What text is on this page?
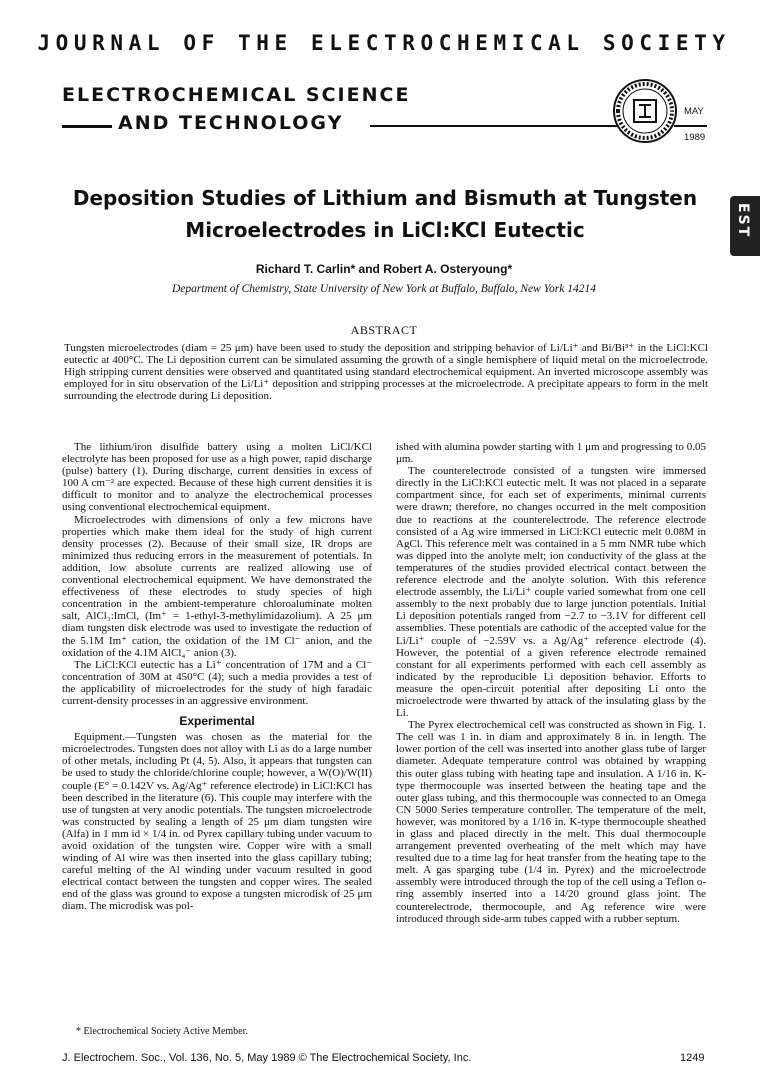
JOURNAL OF THE ELECTROCHEMICAL SOCIETY
ELECTROCHEMICAL SCIENCE
AND TECHNOLOGY
MAY
1989
EST
Deposition Studies of Lithium and Bismuth at Tungsten Microelectrodes in LiCl:KCl Eutectic
Richard T. Carlin* and Robert A. Osteryoung*
Department of Chemistry, State University of New York at Buffalo, Buffalo, New York 14214
ABSTRACT
Tungsten microelectrodes (diam = 25 μm) have been used to study the deposition and stripping behavior of Li/Li⁺ and Bi/Bi³⁺ in the LiCl:KCl eutectic at 400°C. The Li deposition current can be simulated assuming the growth of a single hemisphere of liquid metal on the microelectrode. High stripping current densities were observed and quantitated using standard electrochemical equipment. An inverted microscope assembly was employed for in situ observation of the Li/Li⁺ deposition and stripping processes at the microelectrode. A precipitate appears to form in the melt surrounding the electrode during Li deposition.

The lithium/iron disulfide battery using a molten LiCl/KCl electrolyte has been proposed for use as a high power, rapid discharge (pulse) battery (1). During discharge, current densities in excess of 100 A cm⁻² are expected. Because of these high current densities it is difficult to monitor and to analyze the electrochemical processes using conventional electrochemical equipment.

Microelectrodes with dimensions of only a few microns have properties which make them ideal for the study of high current density processes (2). Because of their small size, IR drops are minimized thus reducing errors in the measurement of potentials. In addition, low absolute currents are realized allowing use of conventional electrochemical equipment. We have demonstrated the effectiveness of these electrodes to study species of high concentration in the ambient-temperature chloroaluminate molten salt, AlCl₃:ImCl, (Im⁺ = 1-ethyl-3-methylimidazolium). A 25 μm diam tungsten disk electrode was used to investigate the reduction of the 5.1M Im⁺ cation, the oxidation of the 1M Cl⁻ anion, and the oxidation of the 4.1M AlCl₄⁻ anion (3).

The LiCl:KCl eutectic has a Li⁺ concentration of 17M and a Cl⁻ concentration of 30M at 450°C (4); such a media provides a test of the applicability of microelectrodes for the study of high faradaic current-density processes in an aggressive environment.

Experimental

Equipment.—Tungsten was chosen as the material for the microelectrodes. Tungsten does not alloy with Li as do a large number of other metals, including Pt (4, 5). Also, it appears that tungsten can be used to study the chloride/chlorine couple; however, a W(O)/W(II) couple (E° = 0.142V vs. Ag/Ag⁺ reference electrode) in LiCl:KCl has been described in the literature (6). This couple may interfere with the use of tungsten at very anodic potentials. The tungsten microelectrode was constructed by sealing a length of 25 μm diam tungsten wire (Alfa) in 1 mm id × 1/4 in. od Pyrex capillary tubing under vacuum to avoid oxidation of the tungsten wire. Copper wire with a small winding of Al wire was then inserted into the glass capillary tubing; careful melting of the Al winding under vacuum resulted in good electrical contact between the tungsten and copper wires. The sealed end of the glass was ground to expose a tungsten microdisk of 25 μm diam. The microdisk was pol-

ished with alumina powder starting with 1 μm and progressing to 0.05 μm.

The counterelectrode consisted of a tungsten wire immersed directly in the LiCl:KCl eutectic melt. It was not placed in a separate compartment since, for each set of experiments, minimal currents were drawn; therefore, no changes occurred in the melt composition due to reactions at the counterelectrode. The reference electrode consisted of a Ag wire immersed in LiCl:KCl eutectic melt 0.08M in AgCl. This reference melt was contained in a 5 mm NMR tube which was dipped into the anolyte melt; ion conductivity of the glass at the temperatures of the studies provided electrical contact between the reference electrode and the anolyte solution. With this reference electrode assembly, the Li/Li⁺ couple varied somewhat from one cell assembly to the next probably due to large junction potentials. Initial Li deposition potentials ranged from −2.7 to −3.1V for different cell assemblies. These potentials are cathodic of the accepted value for the Li/Li⁺ couple of −2.59V vs. a Ag/Ag⁺ reference electrode (4). However, the potential of a given reference electrode remained constant for all experiments performed with each cell assembly as indicated by the reproducible Li deposition behavior. Efforts to measure the open-circuit potential after depositing Li onto the microelectrode were thwarted by attack of the insulating glass by the Li.

The Pyrex electrochemical cell was constructed as shown in Fig. 1. The cell was 1 in. in diam and approximately 8 in. in length. The lower portion of the cell was inserted into another glass tube of larger diameter. Adequate temperature control was obtained by wrapping this outer glass tubing with heating tape and insulation. A 1/16 in. K-type thermocouple was inserted between the heating tape and the outer glass tubing, and this thermocouple was connected to an Omega CN 5000 Series temperature controller. The temperature of the melt, however, was monitored by a 1/16 in. K-type thermocouple sheathed in glass and placed directly in the melt. This dual thermocouple arrangement prevented overheating of the melt which may have resulted due to a time lag for heat transfer from the heating tape to the melt. A gas sparging tube (1/4 in. Pyrex) and the microelectrode assembly were introduced through the top of the cell using a Teflon o-ring assembly inserted into a 14/20 ground glass joint. The counterelectrode, thermocouple, and Ag reference wire were introduced through side-arm tubes capped with a rubber septum.

* Electrochemical Society Active Member.
J. Electrochem. Soc., Vol. 136, No. 5, May 1989 © The Electrochemical Society, Inc.	1249
